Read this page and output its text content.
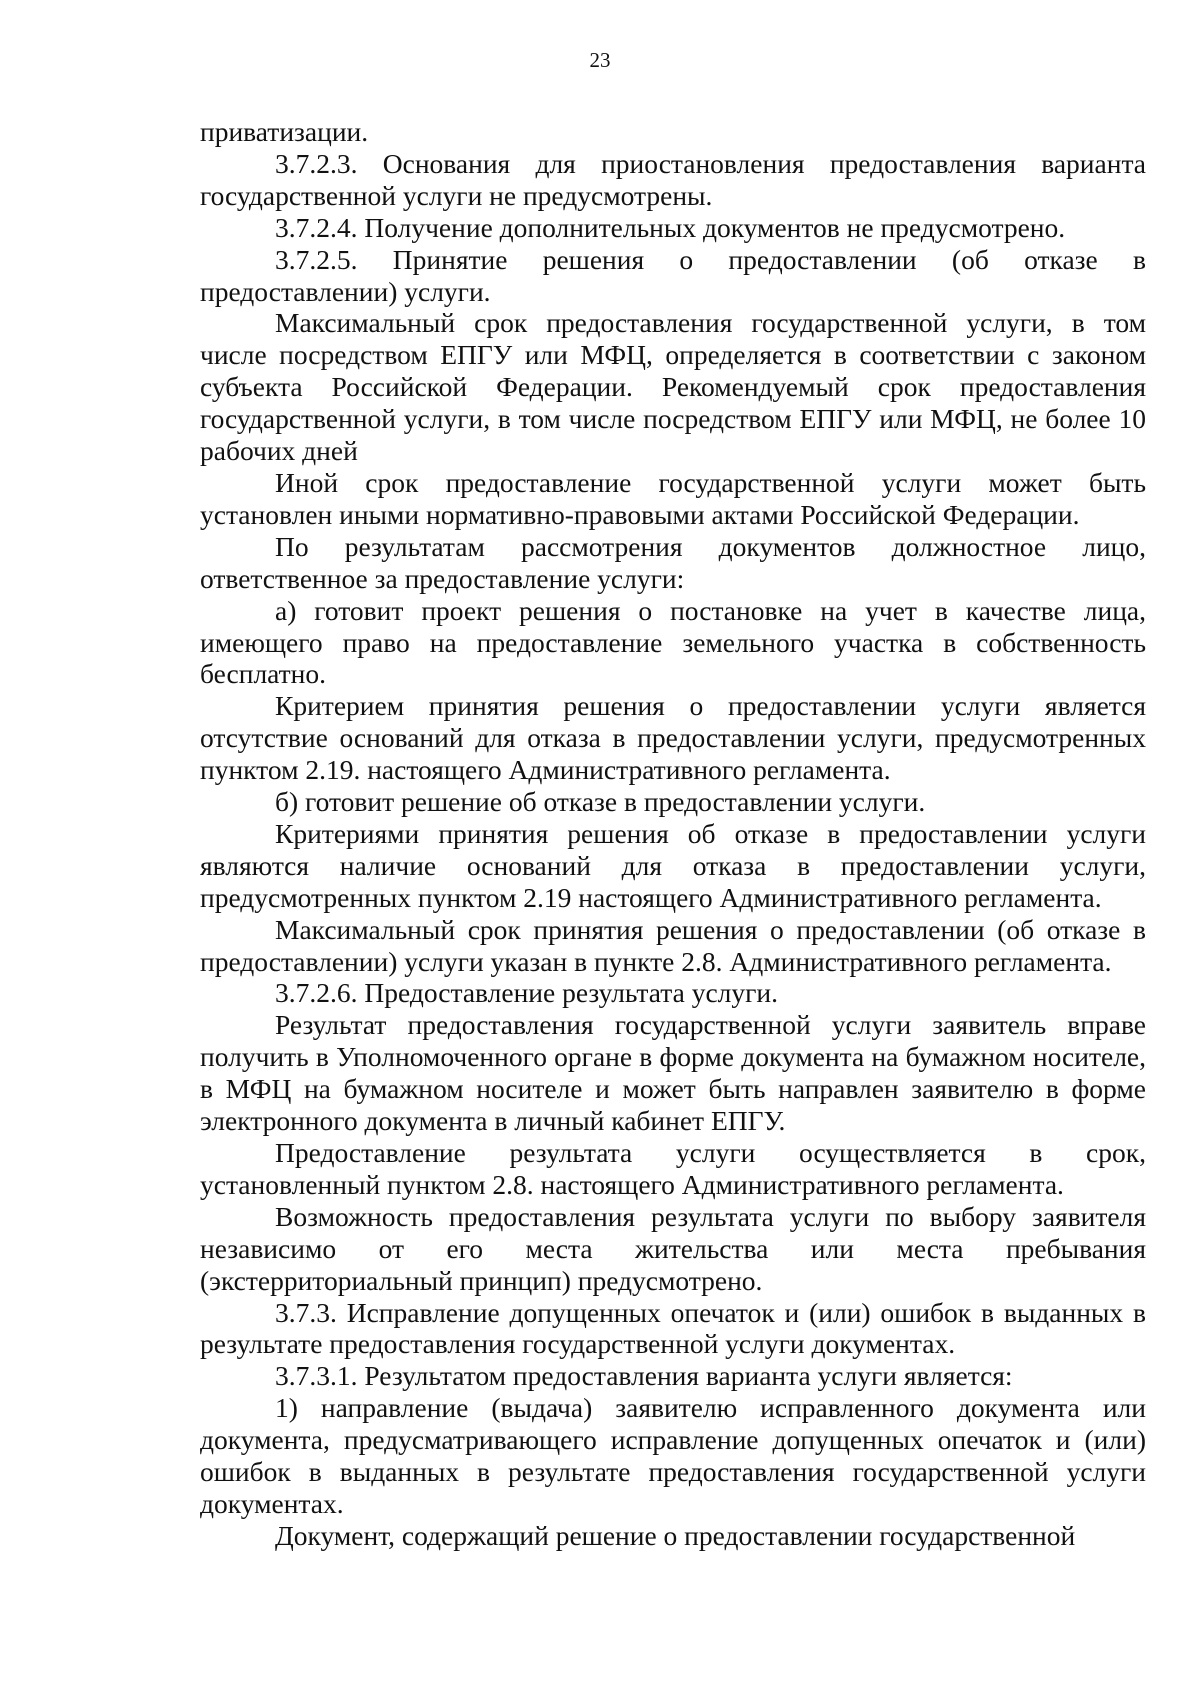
23

приватизации.

3.7.2.3. Основания для приостановления предоставления варианта государственной услуги не предусмотрены.

3.7.2.4. Получение дополнительных документов не предусмотрено.

3.7.2.5. Принятие решения о предоставлении (об отказе в предоставлении) услуги.

Максимальный срок предоставления государственной услуги, в том числе посредством ЕПГУ или МФЦ, определяется в соответствии с законом субъекта Российской Федерации. Рекомендуемый срок предоставления государственной услуги, в том числе посредством ЕПГУ или МФЦ, не более 10 рабочих дней

Иной срок предоставление государственной услуги может быть установлен иными нормативно-правовыми актами Российской Федерации.

По результатам рассмотрения документов должностное лицо, ответственное за предоставление услуги:

а) готовит проект решения о постановке на учет в качестве лица, имеющего право на предоставление земельного участка в собственность бесплатно.

Критерием принятия решения о предоставлении услуги является отсутствие оснований для отказа в предоставлении услуги, предусмотренных пунктом 2.19. настоящего Административного регламента.

б) готовит решение об отказе в предоставлении услуги.

Критериями принятия решения об отказе в предоставлении услуги являются наличие оснований для отказа в предоставлении услуги, предусмотренных пунктом 2.19 настоящего Административного регламента.

Максимальный срок принятия решения о предоставлении (об отказе в предоставлении) услуги указан в пункте 2.8. Административного регламента.

3.7.2.6. Предоставление результата услуги.

Результат предоставления государственной услуги заявитель вправе получить в Уполномоченного органе в форме документа на бумажном носителе, в МФЦ на бумажном носителе и может быть направлен заявителю в форме электронного документа в личный кабинет ЕПГУ.

Предоставление результата услуги осуществляется в срок, установленный пунктом 2.8. настоящего Административного регламента.

Возможность предоставления результата услуги по выбору заявителя независимо от его места жительства или места пребывания (экстерриториальный принцип) предусмотрено.

3.7.3. Исправление допущенных опечаток и (или) ошибок в выданных в результате предоставления государственной услуги документах.

3.7.3.1. Результатом предоставления варианта услуги является:

1) направление (выдача) заявителю исправленного документа или документа, предусматривающего исправление допущенных опечаток и (или) ошибок в выданных в результате предоставления государственной услуги документах.

Документ, содержащий решение о предоставлении государственной
